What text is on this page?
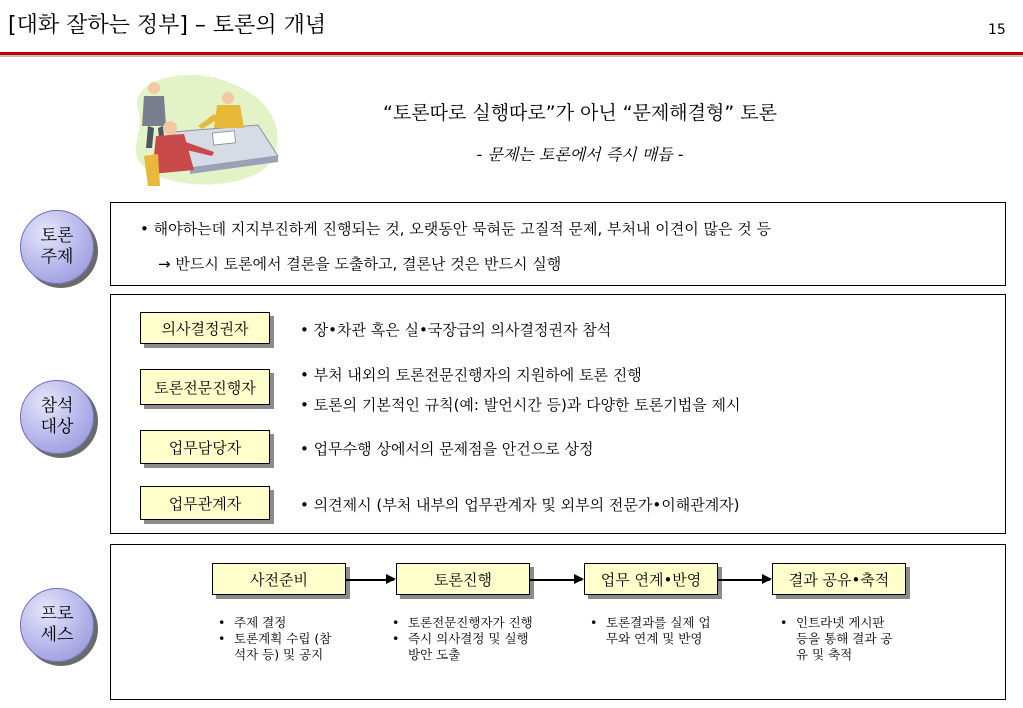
[대화 잘하는 정부] – 토론의 개념	15
“토론따로 실행따로”가 아닌 “문제해결형” 토론
- 문제는 토론에서 즉시 매듭 -
토론
주제
참석
대상
프로
세스
• 해야하는데 지지부진하게 진행되는 것, 오랫동안 묵혀둔 고질적 문제, 부처내 이견이 많은 것 등
→ 반드시 토론에서 결론을 도출하고, 결론난 것은 반드시 실행
의사결정권자	• 장•차관 혹은 실•국장급의 의사결정권자 참석
토론전문진행자
• 부처 내외의 토론전문진행자의 지원하에 토론 진행
• 토론의 기본적인 규칙(예: 발언시간 등)과 다양한 토론기법을 제시
업무담당자	• 업무수행 상에서의 문제점을 안건으로 상정
업무관계자	• 의견제시 (부처 내부의 업무관계자 및 외부의 전문가•이해관계자)
사전준비	토론진행	업무 연계•반영	결과 공유•축적
• 주제 결정
• 토론계획 수립 (참석자 등) 및 공지
• 토론전문진행자가 진행
• 즉시 의사결정 및 실행방안 도출
• 토론결과를 실제 업무와 연계 및 반영
• 인트라넷 게시판 등을 통해 결과 공유 및 축적
